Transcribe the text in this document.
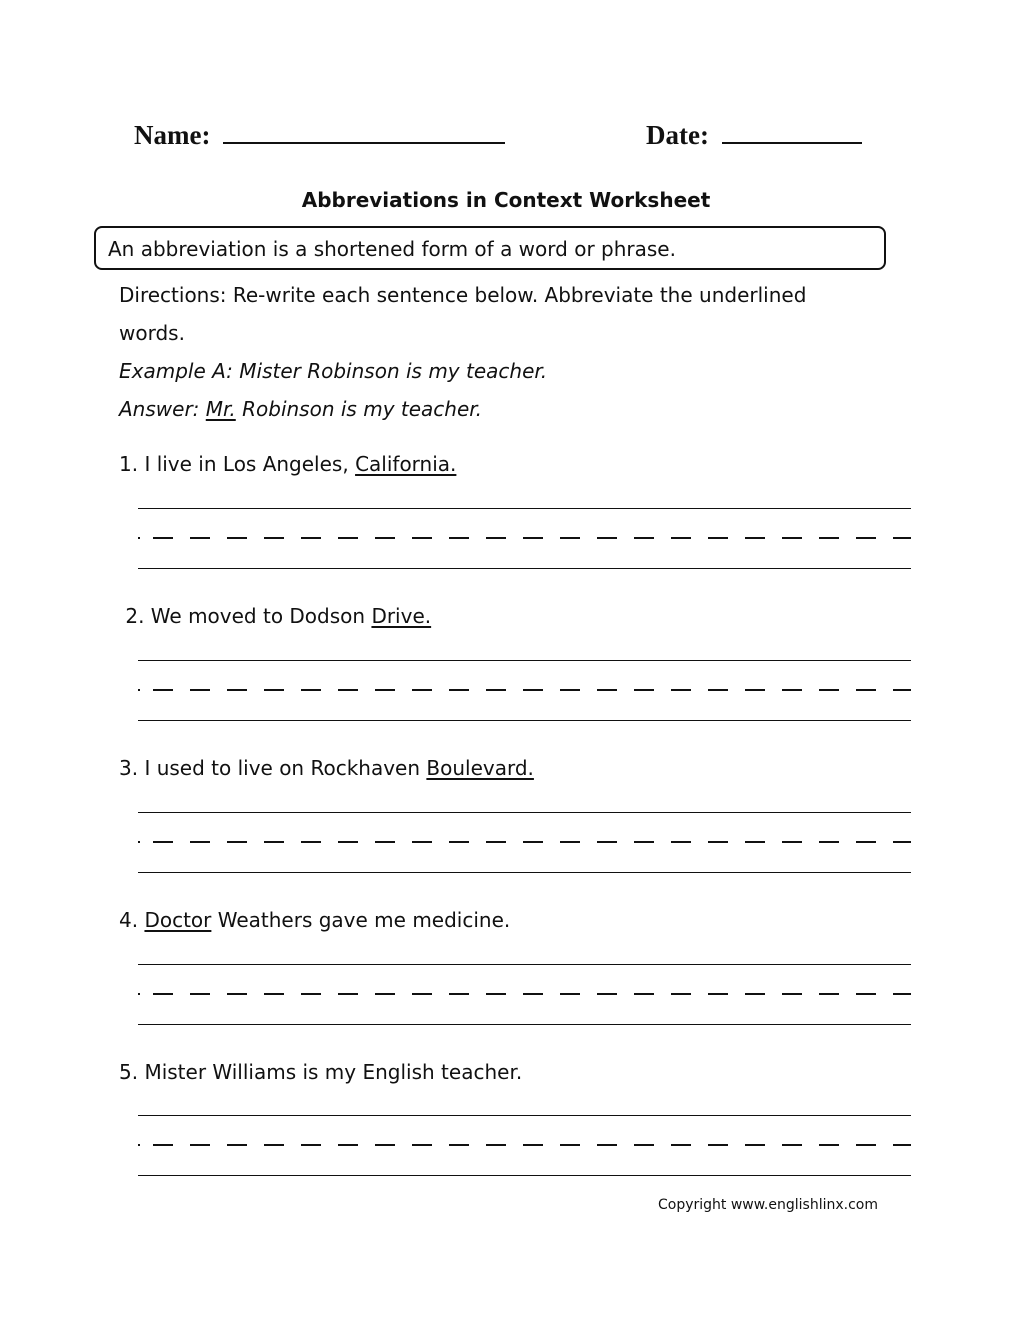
Name:	Date:
Abbreviations in Context Worksheet
An abbreviation is a shortened form of a word or phrase.
Directions: Re-write each sentence below. Abbreviate the underlined
words.
Example A: Mister Robinson is my teacher.
Answer: Mr. Robinson is my teacher.
1. I live in Los Angeles, California.
2. We moved to Dodson Drive.
3. I used to live on Rockhaven Boulevard.
4. Doctor Weathers gave me medicine.
5. Mister Williams is my English teacher.
Copyright www.englishlinx.com
